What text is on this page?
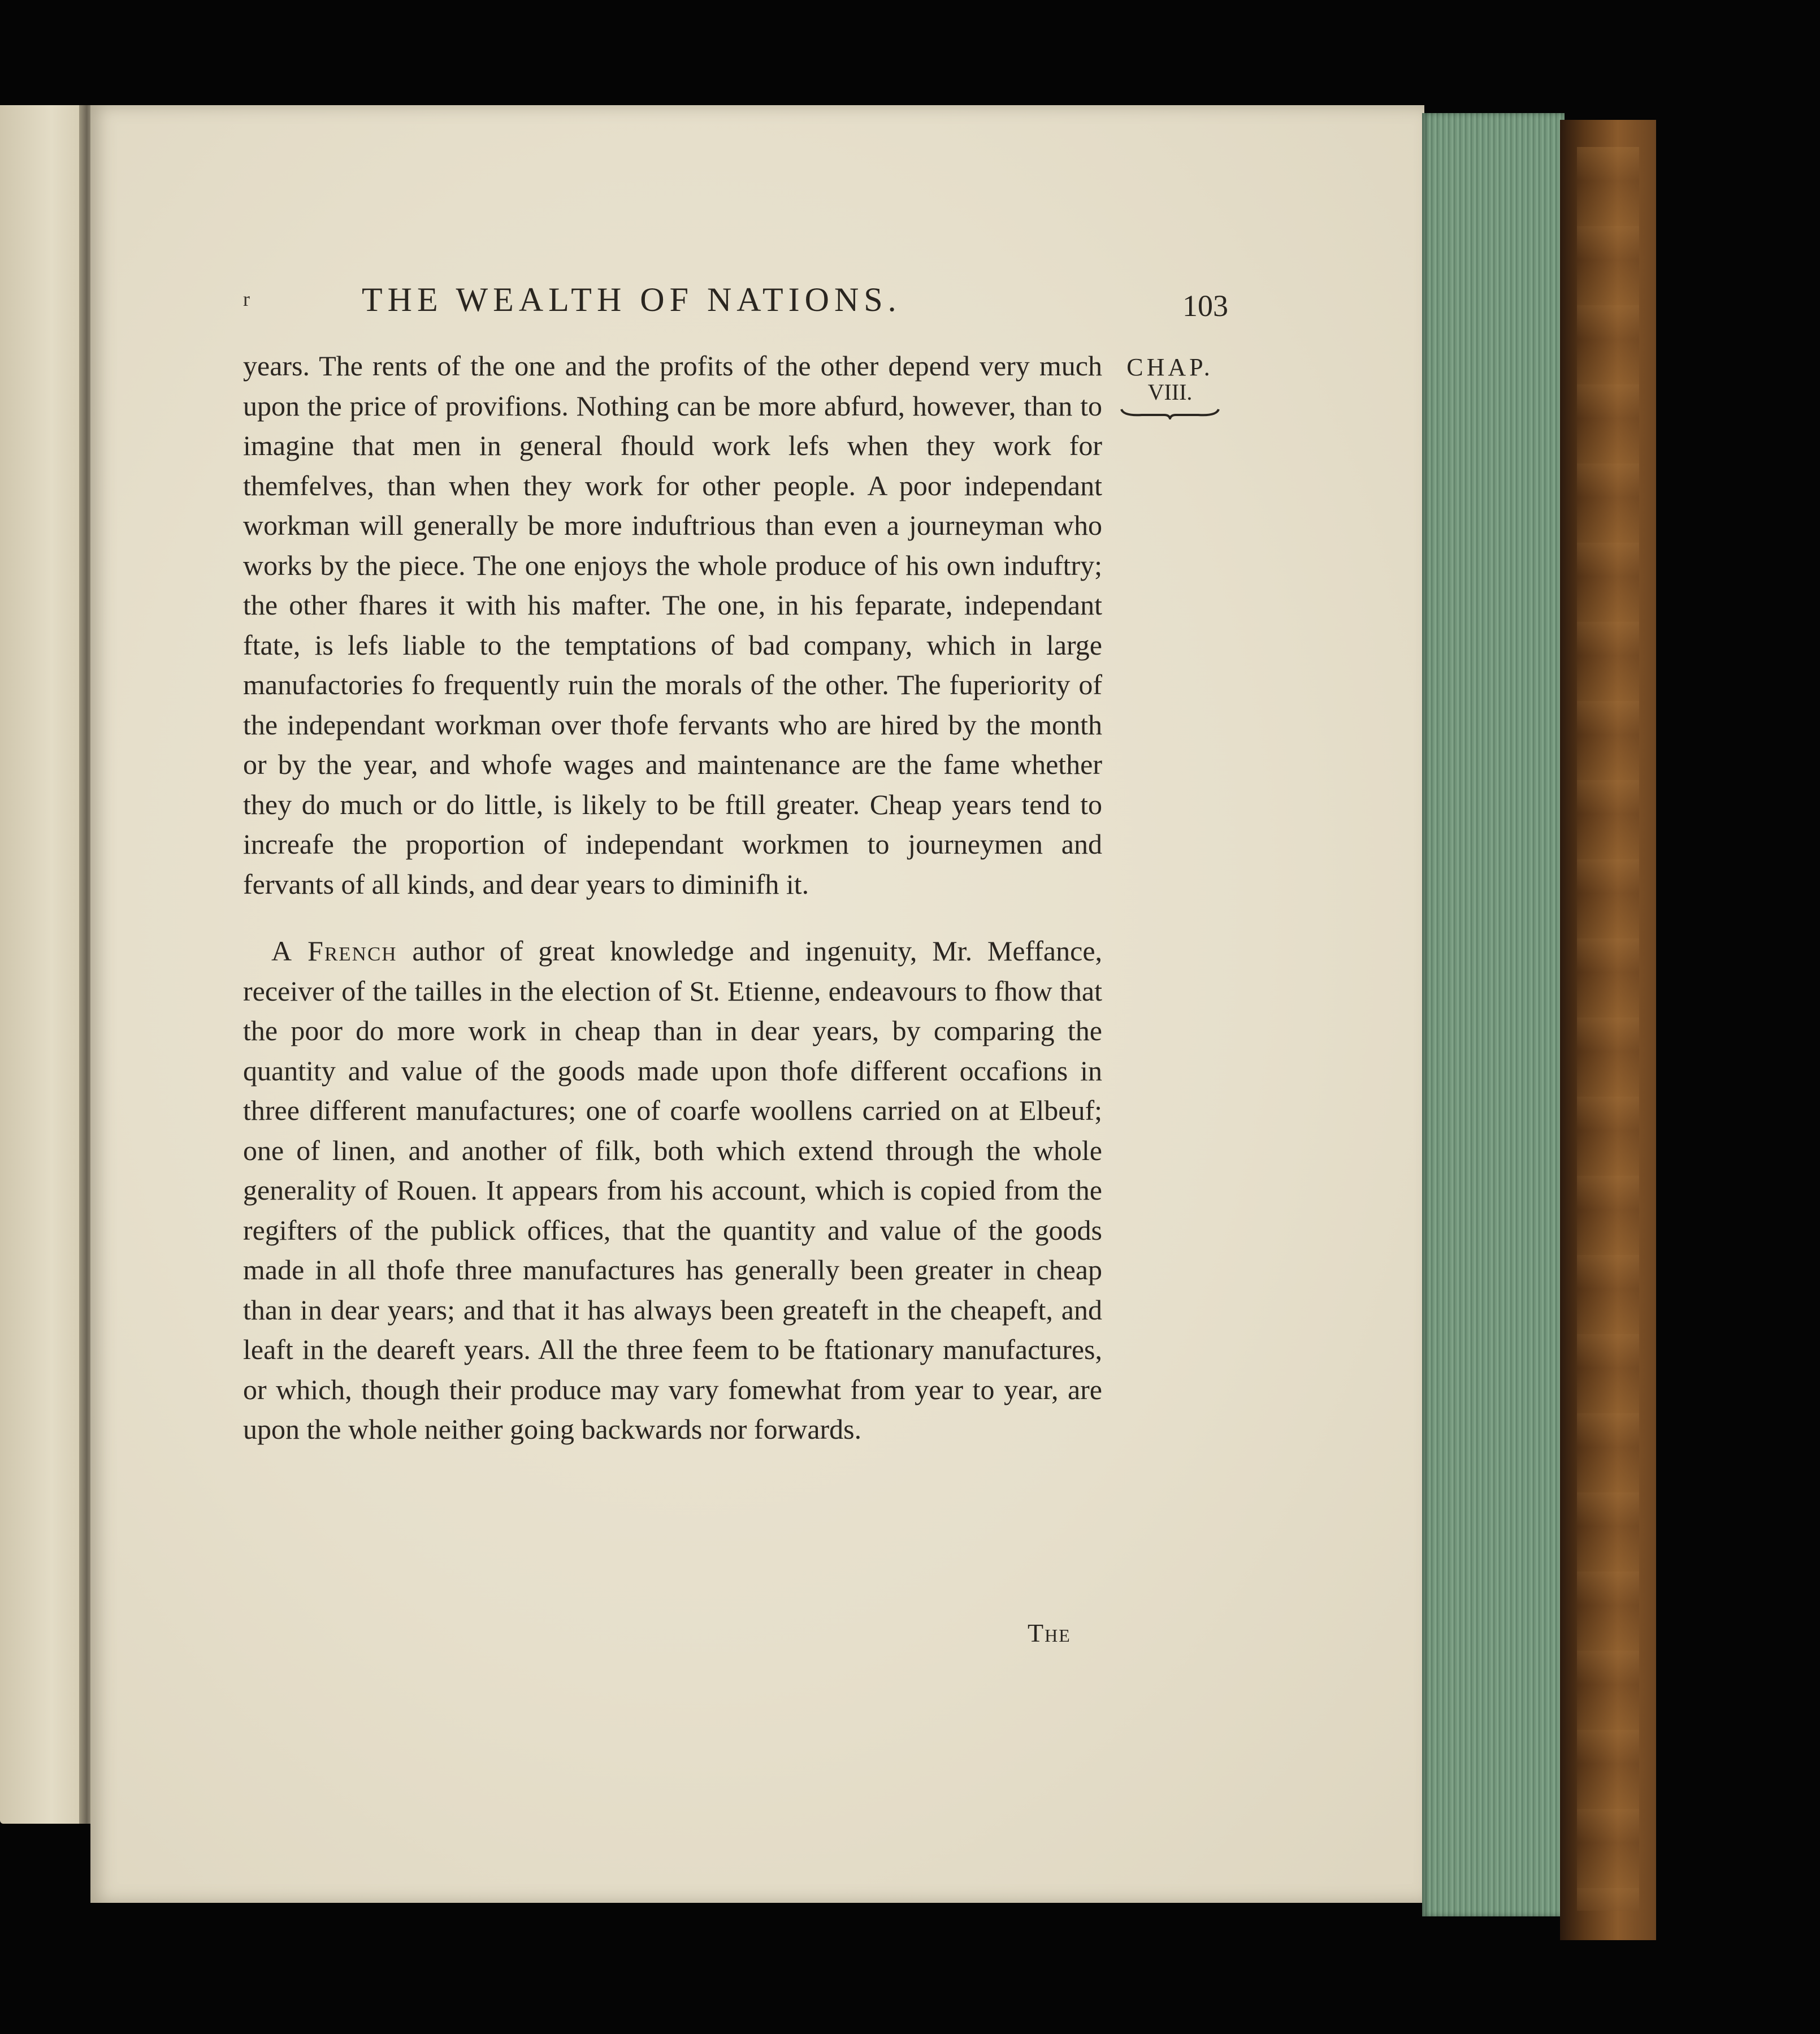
r	THE WEALTH OF NATIONS.	103
CHAP.
VIII.

years. The rents of the one and the profits of the other depend very much upon the price of provifions. Nothing can be more abfurd, however, than to imagine that men in general fhould work lefs when they work for themfelves, than when they work for other people. A poor independant workman will generally be more induftrious than even a journeyman who works by the piece. The one enjoys the whole produce of his own induftry; the other fhares it with his mafter. The one, in his feparate, independant ftate, is lefs liable to the temptations of bad company, which in large manufactories fo frequently ruin the morals of the other. The fuperiority of the independant workman over thofe fervants who are hired by the month or by the year, and whofe wages and maintenance are the fame whether they do much or do little, is likely to be ftill greater. Cheap years tend to increafe the proportion of independant workmen to journeymen and fervants of all kinds, and dear years to diminifh it.

A French author of great knowledge and ingenuity, Mr. Meffance, receiver of the tailles in the election of St. Etienne, endeavours to fhow that the poor do more work in cheap than in dear years, by comparing the quantity and value of the goods made upon thofe different occafions in three different manufactures; one of coarfe woollens carried on at Elbeuf; one of linen, and another of filk, both which extend through the whole generality of Rouen. It appears from his account, which is copied from the regifters of the publick offices, that the quantity and value of the goods made in all thofe three manufactures has generally been greater in cheap than in dear years; and that it has always been greateft in the cheapeft, and leaft in the deareft years. All the three feem to be ftationary manufactures, or which, though their produce may vary fomewhat from year to year, are upon the whole neither going backwards nor forwards.

The
